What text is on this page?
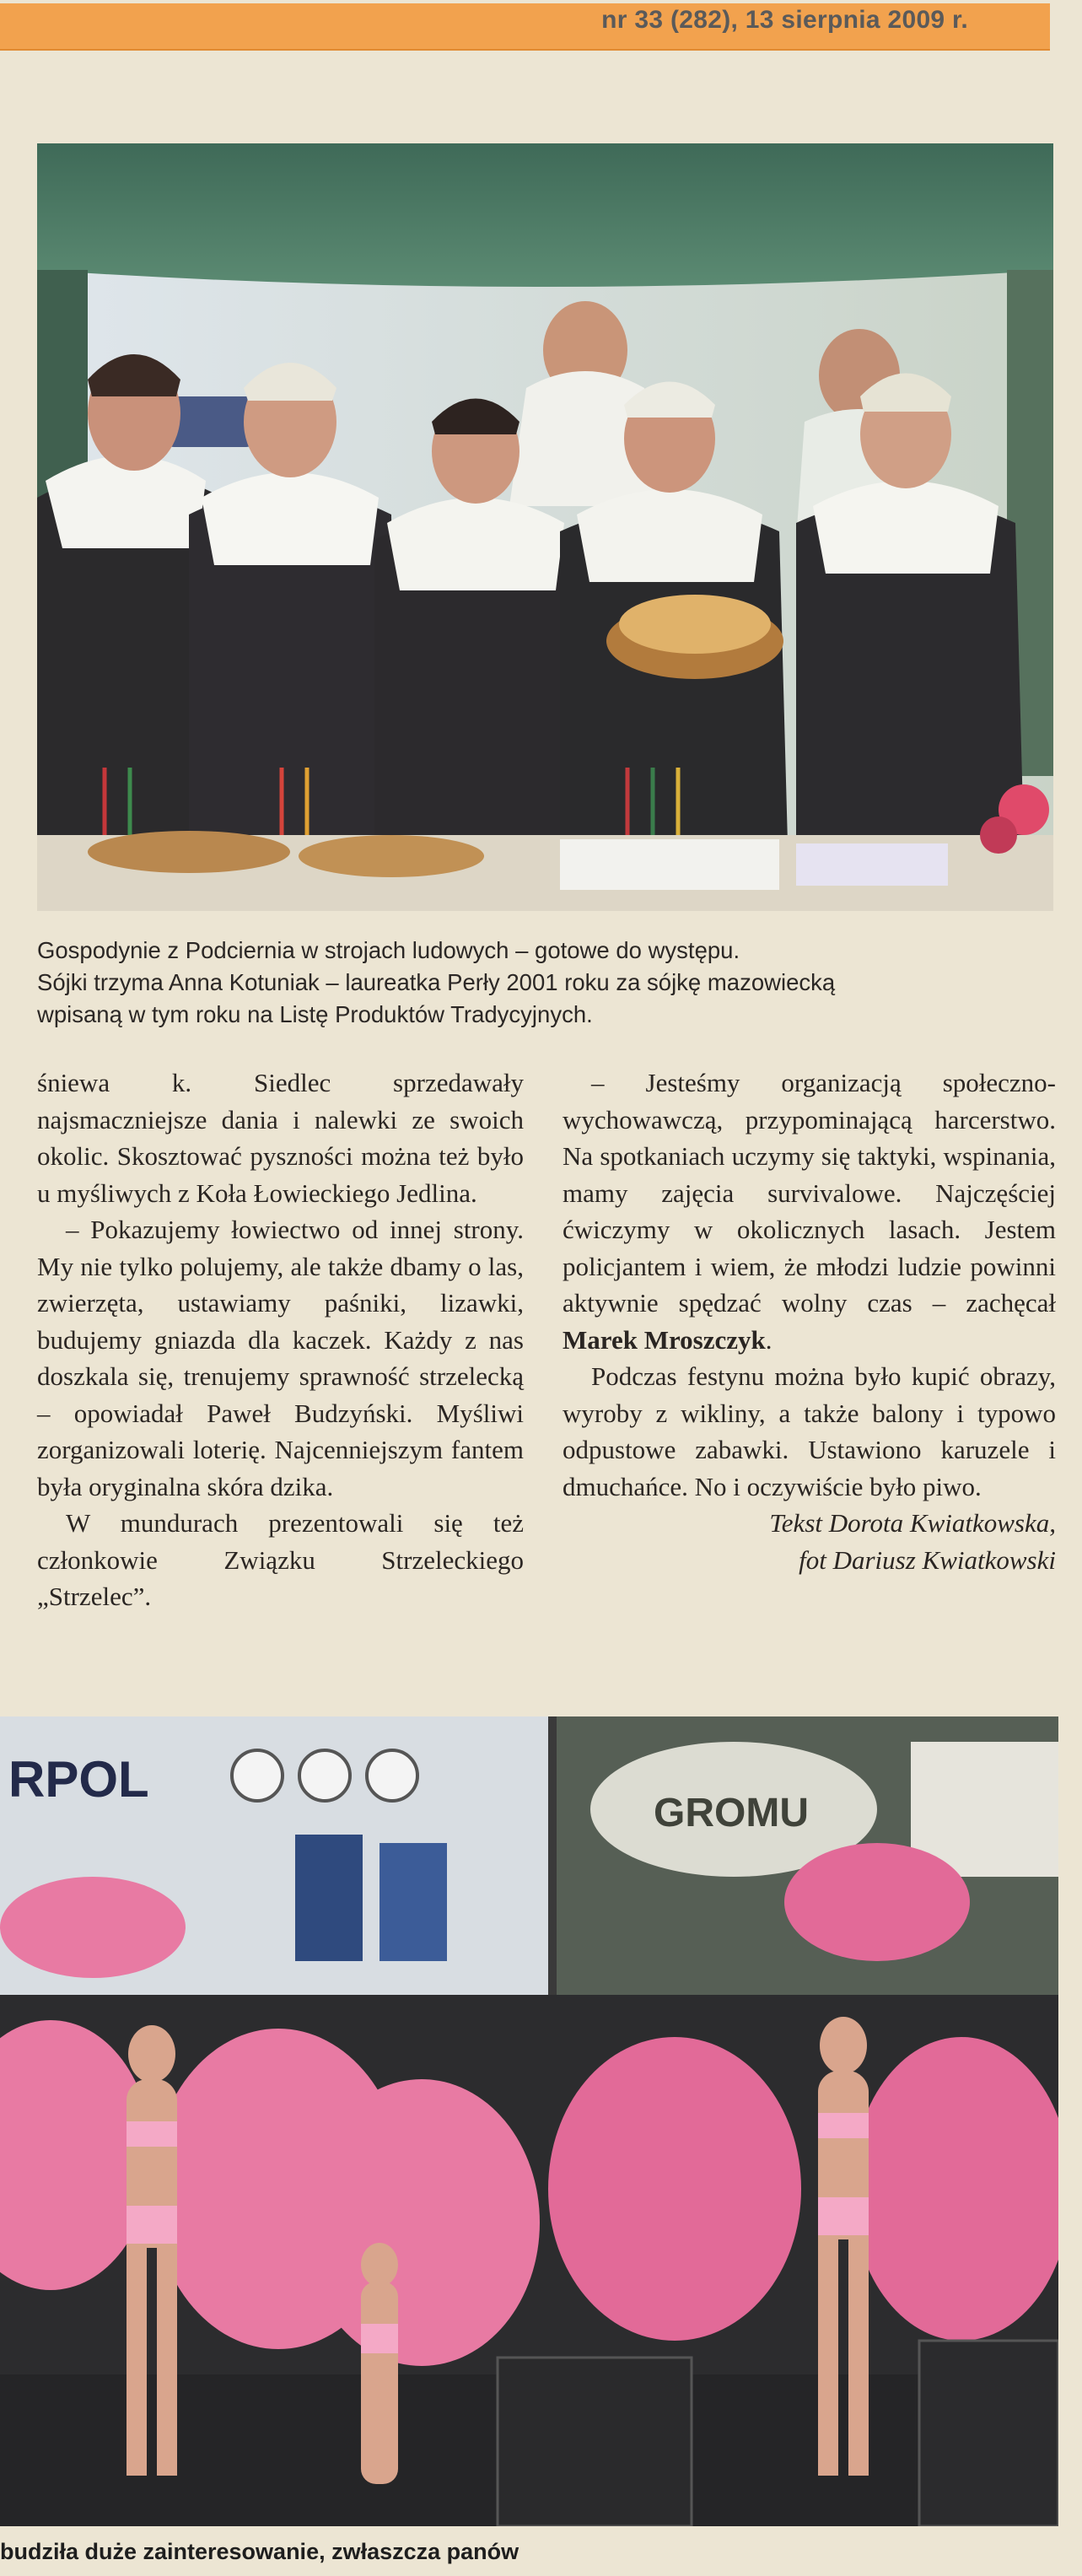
nr 33 (282), 13 sierpnia 2009 r.
Gospodynie z Podciernia w strojach ludowych – gotowe do występu.
Sójki trzyma Anna Kotuniak – laureatka Perły 2001 roku za sójkę mazowiecką
wpisaną w tym roku na Listę Produktów Tradycyjnych.

śniewa k. Siedlec sprzedawały najsmaczniejsze dania i nalewki ze swoich okolic. Skosztować pyszności można też było u myśliwych z Koła Łowieckiego Jedlina.

– Pokazujemy łowiectwo od innej strony. My nie tylko polujemy, ale także dbamy o las, zwierzęta, ustawiamy paśniki, lizawki, budujemy gniazda dla kaczek. Każdy z nas doszkala się, trenujemy sprawność strzelecką – opowiadał Paweł Budzyński. Myśliwi zorganizowali loterię. Najcenniejszym fantem była oryginalna skóra dzika.

W mundurach prezentowali się też członkowie Związku Strzeleckiego „Strzelec”.

– Jesteśmy organizacją społeczno-wychowawczą, przypominającą harcerstwo. Na spotkaniach uczymy się taktyki, wspinania, mamy zajęcia survivalowe. Najczęściej ćwiczymy w okolicznych lasach. Jestem policjantem i wiem, że młodzi ludzie powinni aktywnie spędzać wolny czas – zachęcał Marek Mroszczyk.

Podczas festynu można było kupić obrazy, wyroby z wikliny, a także balony i typowo odpustowe zabawki. Ustawiono karuzele i dmuchańce. No i oczywiście było piwo.

Tekst Dorota Kwiatkowska,

fot Dariusz Kwiatkowski

RPOL
GROMU
budziła duże zainteresowanie, zwłaszcza panów
